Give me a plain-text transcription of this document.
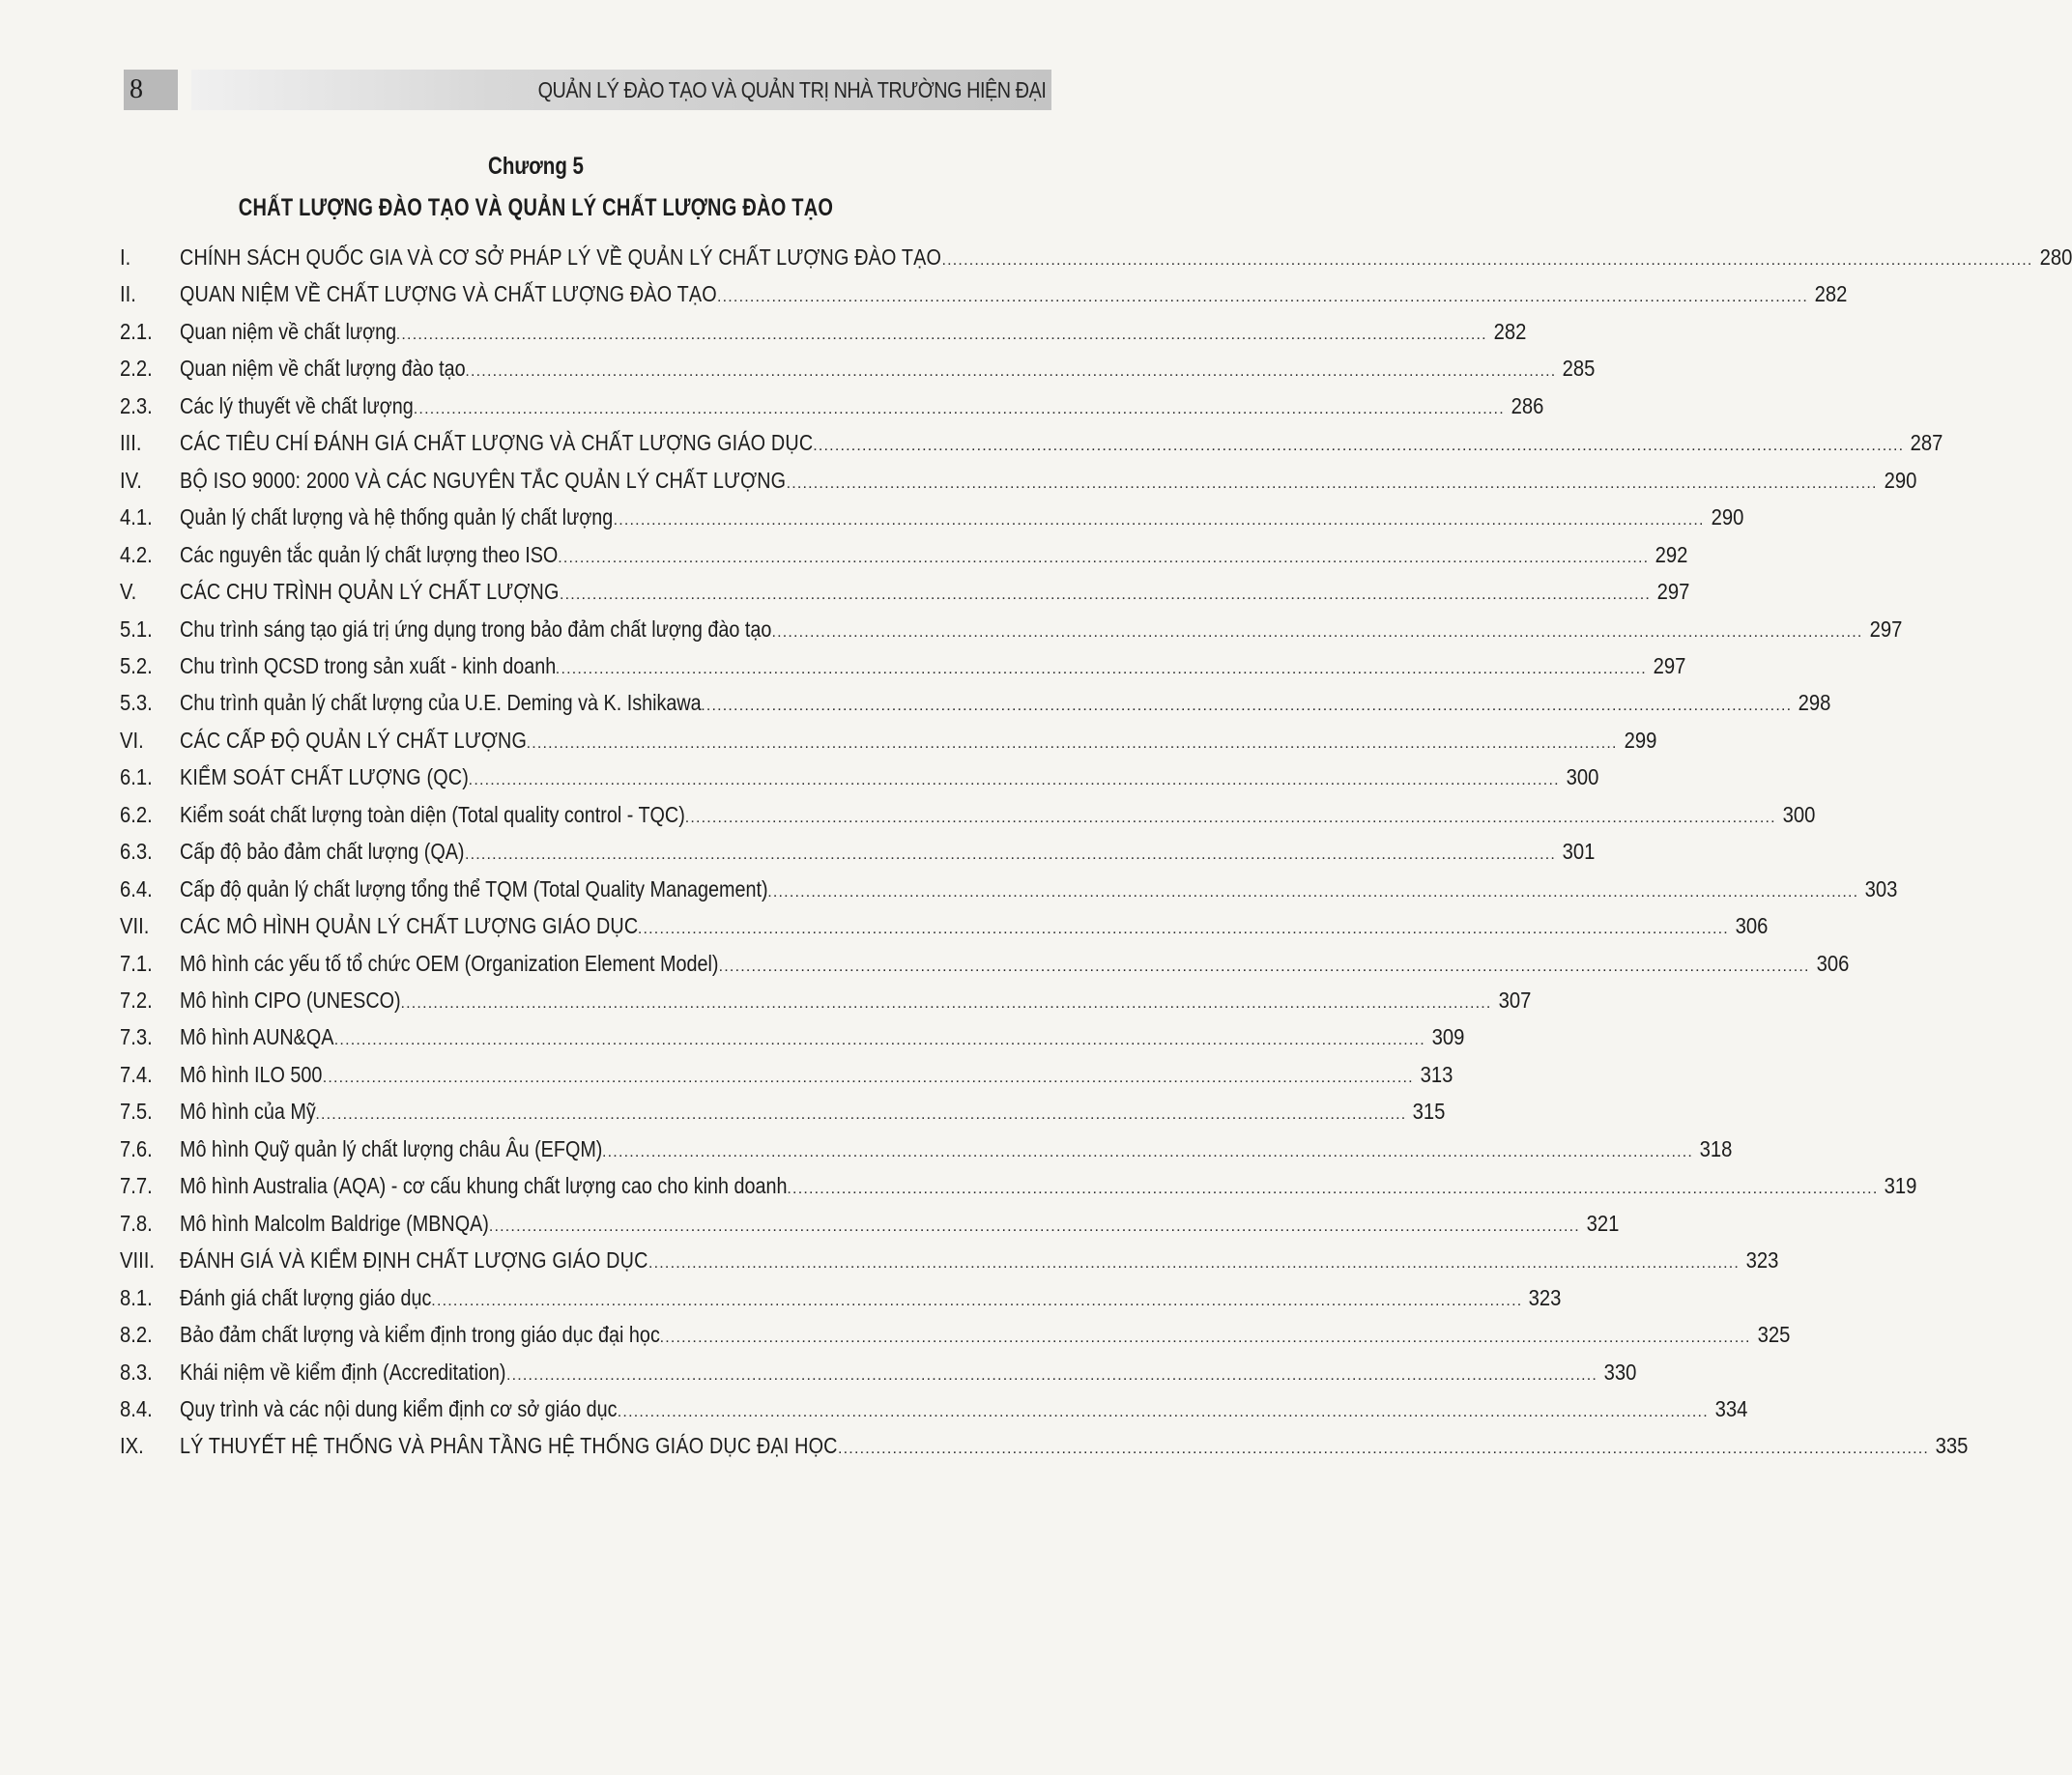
8	QUẢN LÝ ĐÀO TẠO VÀ QUẢN TRỊ NHÀ TRƯỜNG HIỆN ĐẠI
Chương 5
CHẤT LƯỢNG ĐÀO TẠO VÀ QUẢN LÝ CHẤT LƯỢNG ĐÀO TẠO
I.	CHÍNH SÁCH QUỐC GIA VÀ CƠ SỞ PHÁP LÝ VỀ QUẢN LÝ CHẤT LƯỢNG ĐÀO TẠO ........................................................................................................................................................................................................ 280
II.	QUAN NIỆM VỀ CHẤT LƯỢNG VÀ CHẤT LƯỢNG ĐÀO TẠO ........................................................................................................................................................................................................ 282
2.1.	Quan niệm về chất lượng ........................................................................................................................................................................................................ 282
2.2.	Quan niệm về chất lượng đào tạo ........................................................................................................................................................................................................ 285
2.3.	Các lý thuyết về chất lượng ........................................................................................................................................................................................................ 286
III.	CÁC TIÊU CHÍ ĐÁNH GIÁ CHẤT LƯỢNG VÀ CHẤT LƯỢNG GIÁO DỤC ........................................................................................................................................................................................................ 287
IV.	BỘ ISO 9000: 2000 VÀ CÁC NGUYÊN TẮC QUẢN LÝ CHẤT LƯỢNG ........................................................................................................................................................................................................ 290
4.1.	Quản lý chất lượng và hệ thống quản lý chất lượng ........................................................................................................................................................................................................ 290
4.2.	Các nguyên tắc quản lý chất lượng theo ISO ........................................................................................................................................................................................................ 292
V.	CÁC CHU TRÌNH QUẢN LÝ CHẤT LƯỢNG ........................................................................................................................................................................................................ 297
5.1.	Chu trình sáng tạo giá trị ứng dụng trong bảo đảm chất lượng đào tạo ........................................................................................................................................................................................................ 297
5.2.	Chu trình QCSD trong sản xuất - kinh doanh ........................................................................................................................................................................................................ 297
5.3.	Chu trình quản lý chất lượng của U.E. Deming và K. Ishikawa ........................................................................................................................................................................................................ 298
VI.	CÁC CẤP ĐỘ QUẢN LÝ CHẤT LƯỢNG ........................................................................................................................................................................................................ 299
6.1.	KIỂM SOÁT CHẤT LƯỢNG (QC) ........................................................................................................................................................................................................ 300
6.2.	Kiểm soát chất lượng toàn diện (Total quality control - TQC) ........................................................................................................................................................................................................ 300
6.3.	Cấp độ bảo đảm chất lượng (QA) ........................................................................................................................................................................................................ 301
6.4.	Cấp độ quản lý chất lượng tổng thể TQM (Total Quality Management) ........................................................................................................................................................................................................ 303
VII.	CÁC MÔ HÌNH QUẢN LÝ CHẤT LƯỢNG GIÁO DỤC ........................................................................................................................................................................................................ 306
7.1.	Mô hình các yếu tố tổ chức OEM (Organization Element Model) ........................................................................................................................................................................................................ 306
7.2.	Mô hình CIPO (UNESCO) ........................................................................................................................................................................................................ 307
7.3.	Mô hình AUN&QA ........................................................................................................................................................................................................ 309
7.4.	Mô hình ILO 500 ........................................................................................................................................................................................................ 313
7.5.	Mô hình của Mỹ ........................................................................................................................................................................................................ 315
7.6.	Mô hình Quỹ quản lý chất lượng châu Âu (EFQM) ........................................................................................................................................................................................................ 318
7.7.	Mô hình Australia (AQA) - cơ cấu khung chất lượng cao cho kinh doanh ........................................................................................................................................................................................................ 319
7.8.	Mô hình Malcolm Baldrige (MBNQA) ........................................................................................................................................................................................................ 321
VIII.	ĐÁNH GIÁ VÀ KIỂM ĐỊNH CHẤT LƯỢNG GIÁO DỤC ........................................................................................................................................................................................................ 323
8.1.	Đánh giá chất lượng giáo dục ........................................................................................................................................................................................................ 323
8.2.	Bảo đảm chất lượng và kiểm định trong giáo dục đại học ........................................................................................................................................................................................................ 325
8.3.	Khái niệm về kiểm định (Accreditation) ........................................................................................................................................................................................................ 330
8.4.	Quy trình và các nội dung kiểm định cơ sở giáo dục ........................................................................................................................................................................................................ 334
IX.	LÝ THUYẾT HỆ THỐNG VÀ PHÂN TẦNG HỆ THỐNG GIÁO DỤC ĐẠI HỌC ........................................................................................................................................................................................................ 335
